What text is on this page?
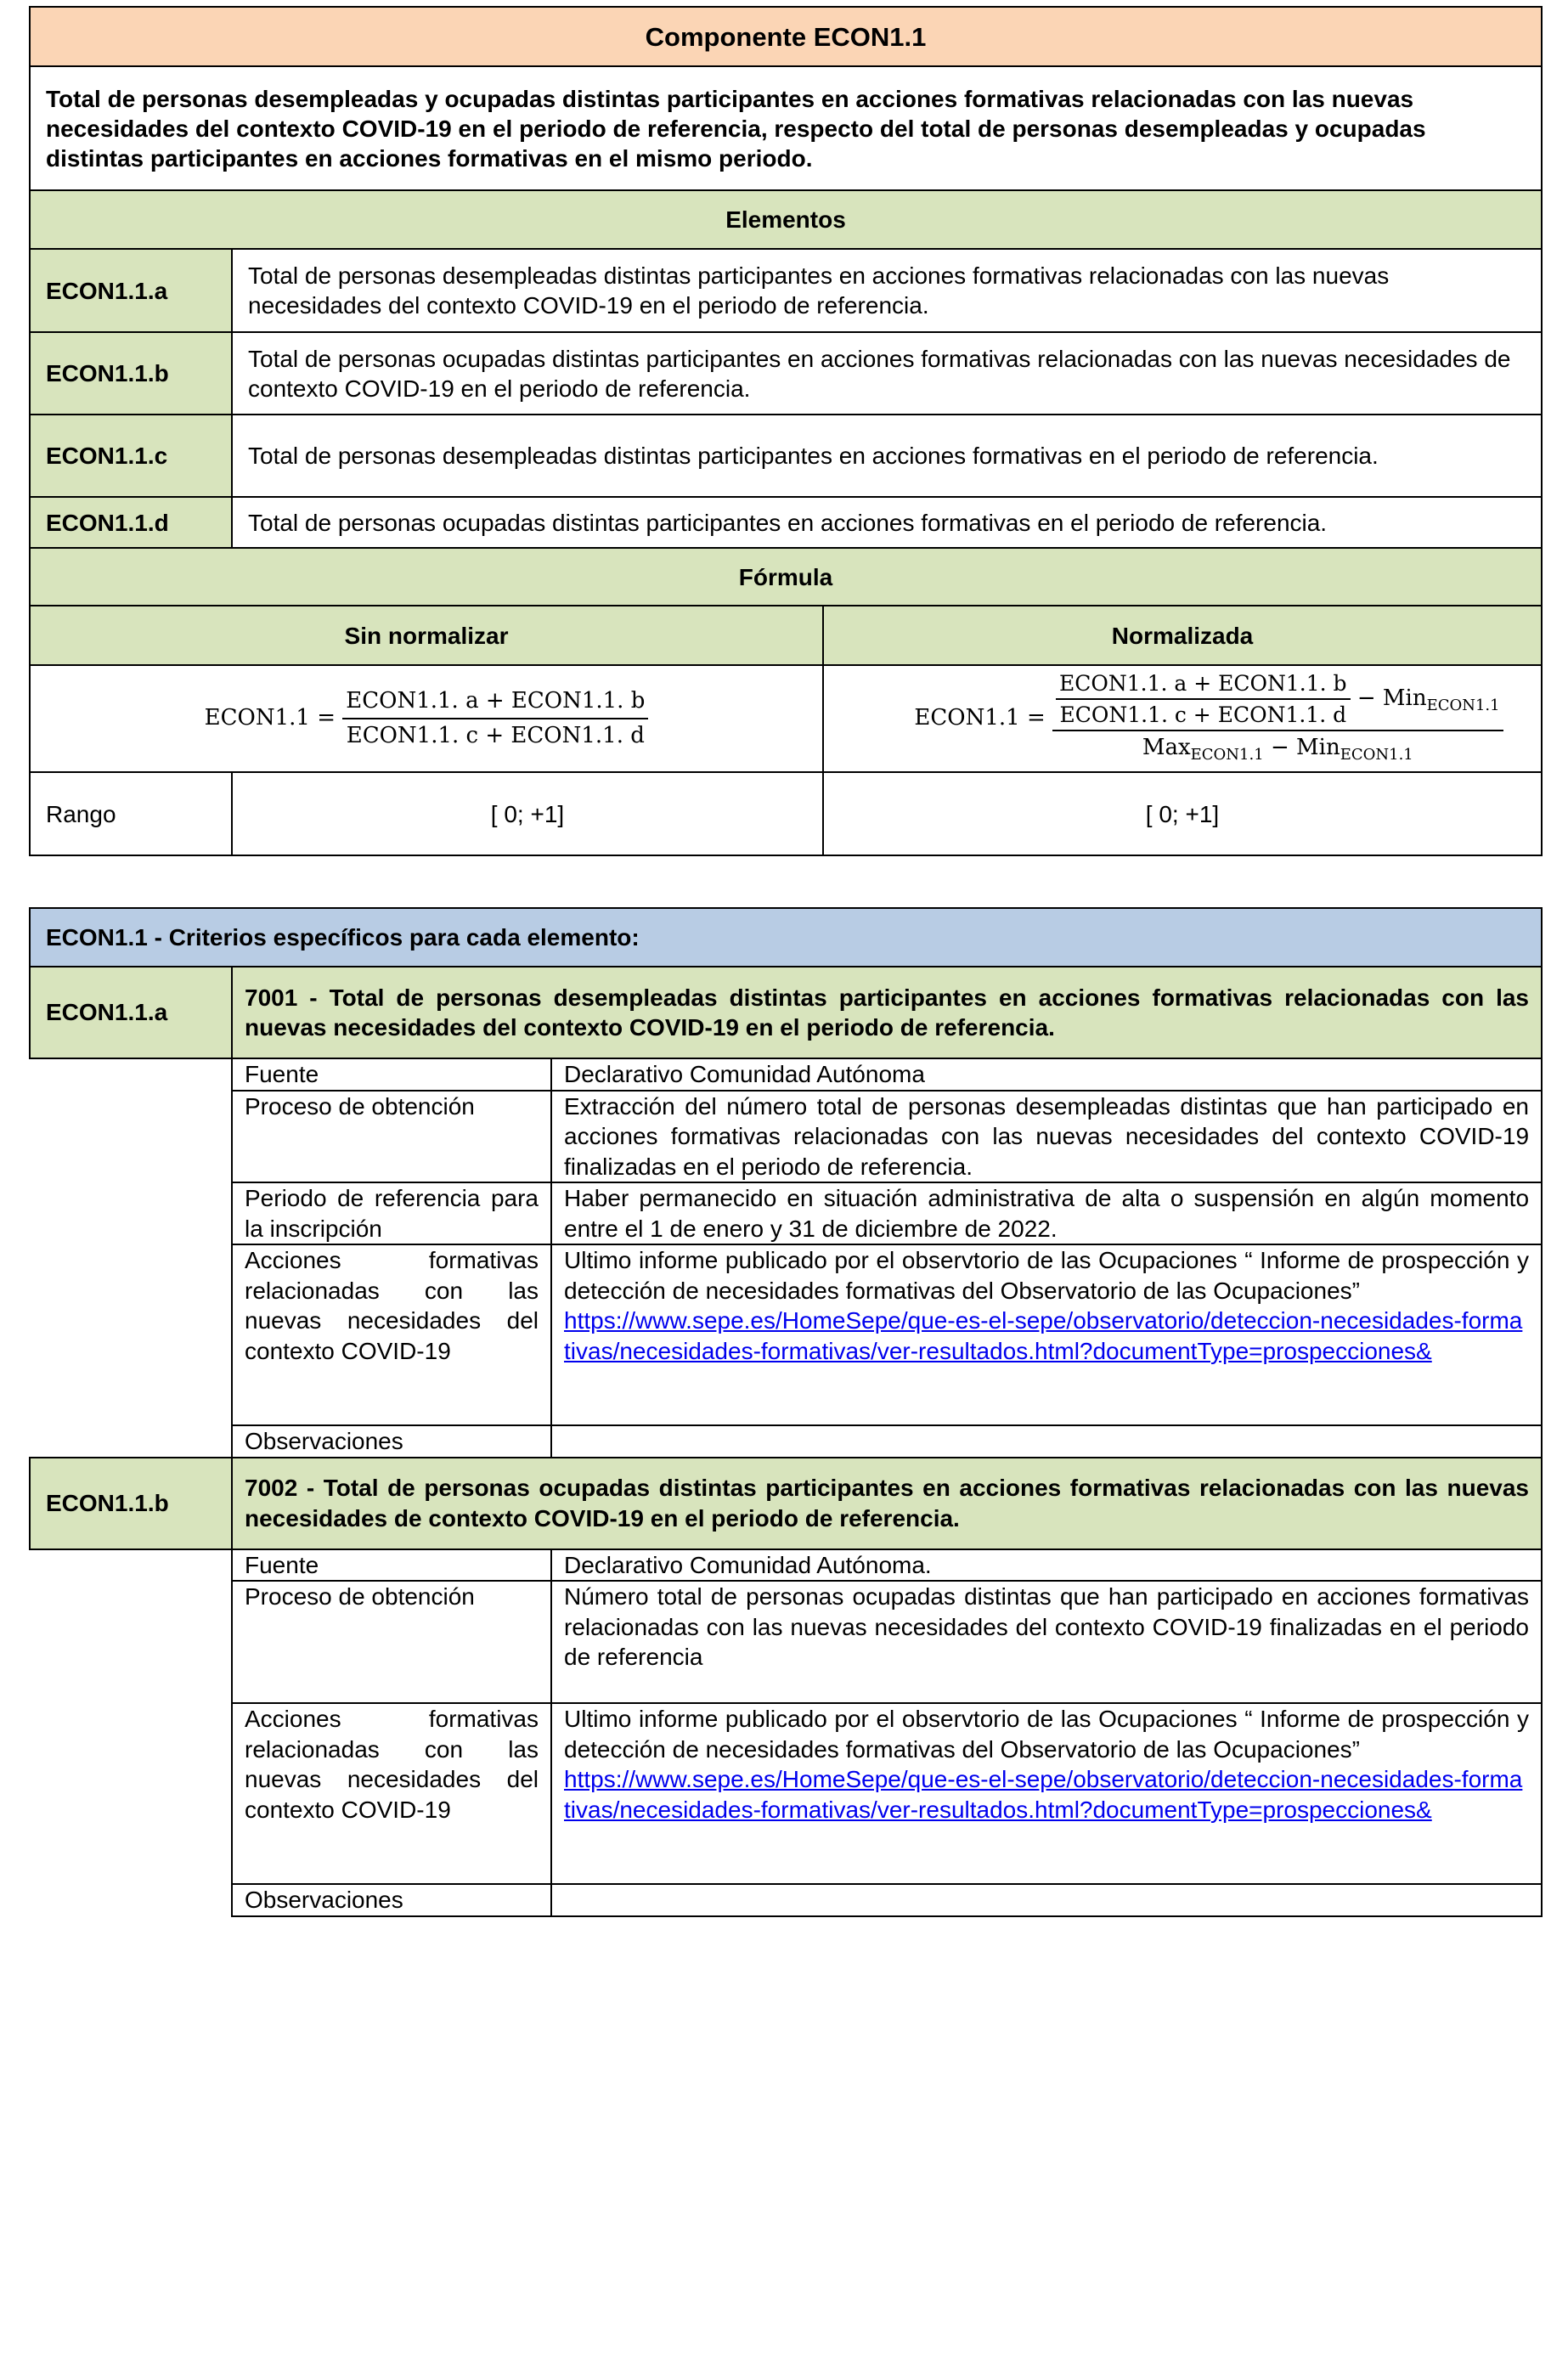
Componente ECON1.1		
Total de personas desempleadas y ocupadas distintas participantes en acciones formativas relacionadas con las nuevas necesidades del contexto COVID-19 en el periodo de referencia, respecto del total de personas desempleadas y ocupadas distintas participantes en acciones formativas en el mismo periodo.		
Elementos		
ECON1.1.a	Total de personas desempleadas distintas participantes en acciones formativas relacionadas con las nuevas necesidades del contexto COVID-19 en el periodo de referencia.	
ECON1.1.b	Total de personas ocupadas distintas participantes en acciones formativas relacionadas con las nuevas necesidades de contexto COVID-19 en el periodo de referencia.	
ECON1.1.c	Total de personas desempleadas distintas participantes en acciones formativas en el periodo de referencia.	
ECON1.1.d	Total de personas ocupadas distintas participantes en acciones formativas en el periodo de referencia.	
Fórmula		
Sin normalizar		Normalizada
ECON1.1 = $\frac{\text{ECON1.1. a + ECON1.1. b}}{\text{ECON1.1. c + ECON1.1. d}}$		ECON1.1 = $\frac{\text{ECON1.1. a + ECON1.1. b}}{\text{ECON1.1. c + ECON1.1. d}} - Min_{ECON1.1}$
Max$_{ECON1.1}$ − Min$_{ECON1.1}$

Rango	[ 0; +1]	[ 0; +1]
ECON1.1 - Criterios específicos para cada elemento:		
ECON1.1.a	7001 - Total de personas desempleadas distintas participantes en acciones formativas relacionadas con las nuevas necesidades del contexto COVID-19 en el periodo de referencia.	
	Fuente	Declarativo Comunidad Autónoma
	Proceso de obtención	Extracción del número total de personas desempleadas distintas que han participado en acciones formativas relacionadas con las nuevas necesidades del contexto COVID-19 finalizadas en el periodo de referencia.
	Periodo de referencia para la inscripción	Haber permanecido en situación administrativa de alta o suspensión en algún momento entre el 1 de enero y 31 de diciembre de 2022.
	Acciones formativas relacionadas con las nuevas necesidades del contexto COVID-19	Ultimo informe publicado por el observtorio de las Ocupaciones “ Informe de prospección y detección de necesidades formativas del Observatorio de las Ocupaciones”
https://www.sepe.es/HomeSepe/que-es-el-sepe/observatorio/deteccion-necesidades-formativas/necesidades-formativas/ver-resultados.html?documentType=prospecciones&

	Observaciones	
ECON1.1.b	7002 - Total de personas ocupadas distintas participantes en acciones formativas relacionadas con las nuevas necesidades de contexto COVID-19 en el periodo de referencia.	
	Fuente	Declarativo Comunidad Autónoma.
	Proceso de obtención	Número total de personas ocupadas distintas que han participado en acciones formativas relacionadas con las nuevas necesidades del contexto COVID-19 finalizadas en el periodo de referencia
	Acciones formativas relacionadas con las nuevas necesidades del contexto COVID-19	Ultimo informe publicado por el observtorio de las Ocupaciones “ Informe de prospección y detección de necesidades formativas del Observatorio de las Ocupaciones”
https://www.sepe.es/HomeSepe/que-es-el-sepe/observatorio/deteccion-necesidades-formativas/necesidades-formativas/ver-resultados.html?documentType=prospecciones&

	Observaciones	
